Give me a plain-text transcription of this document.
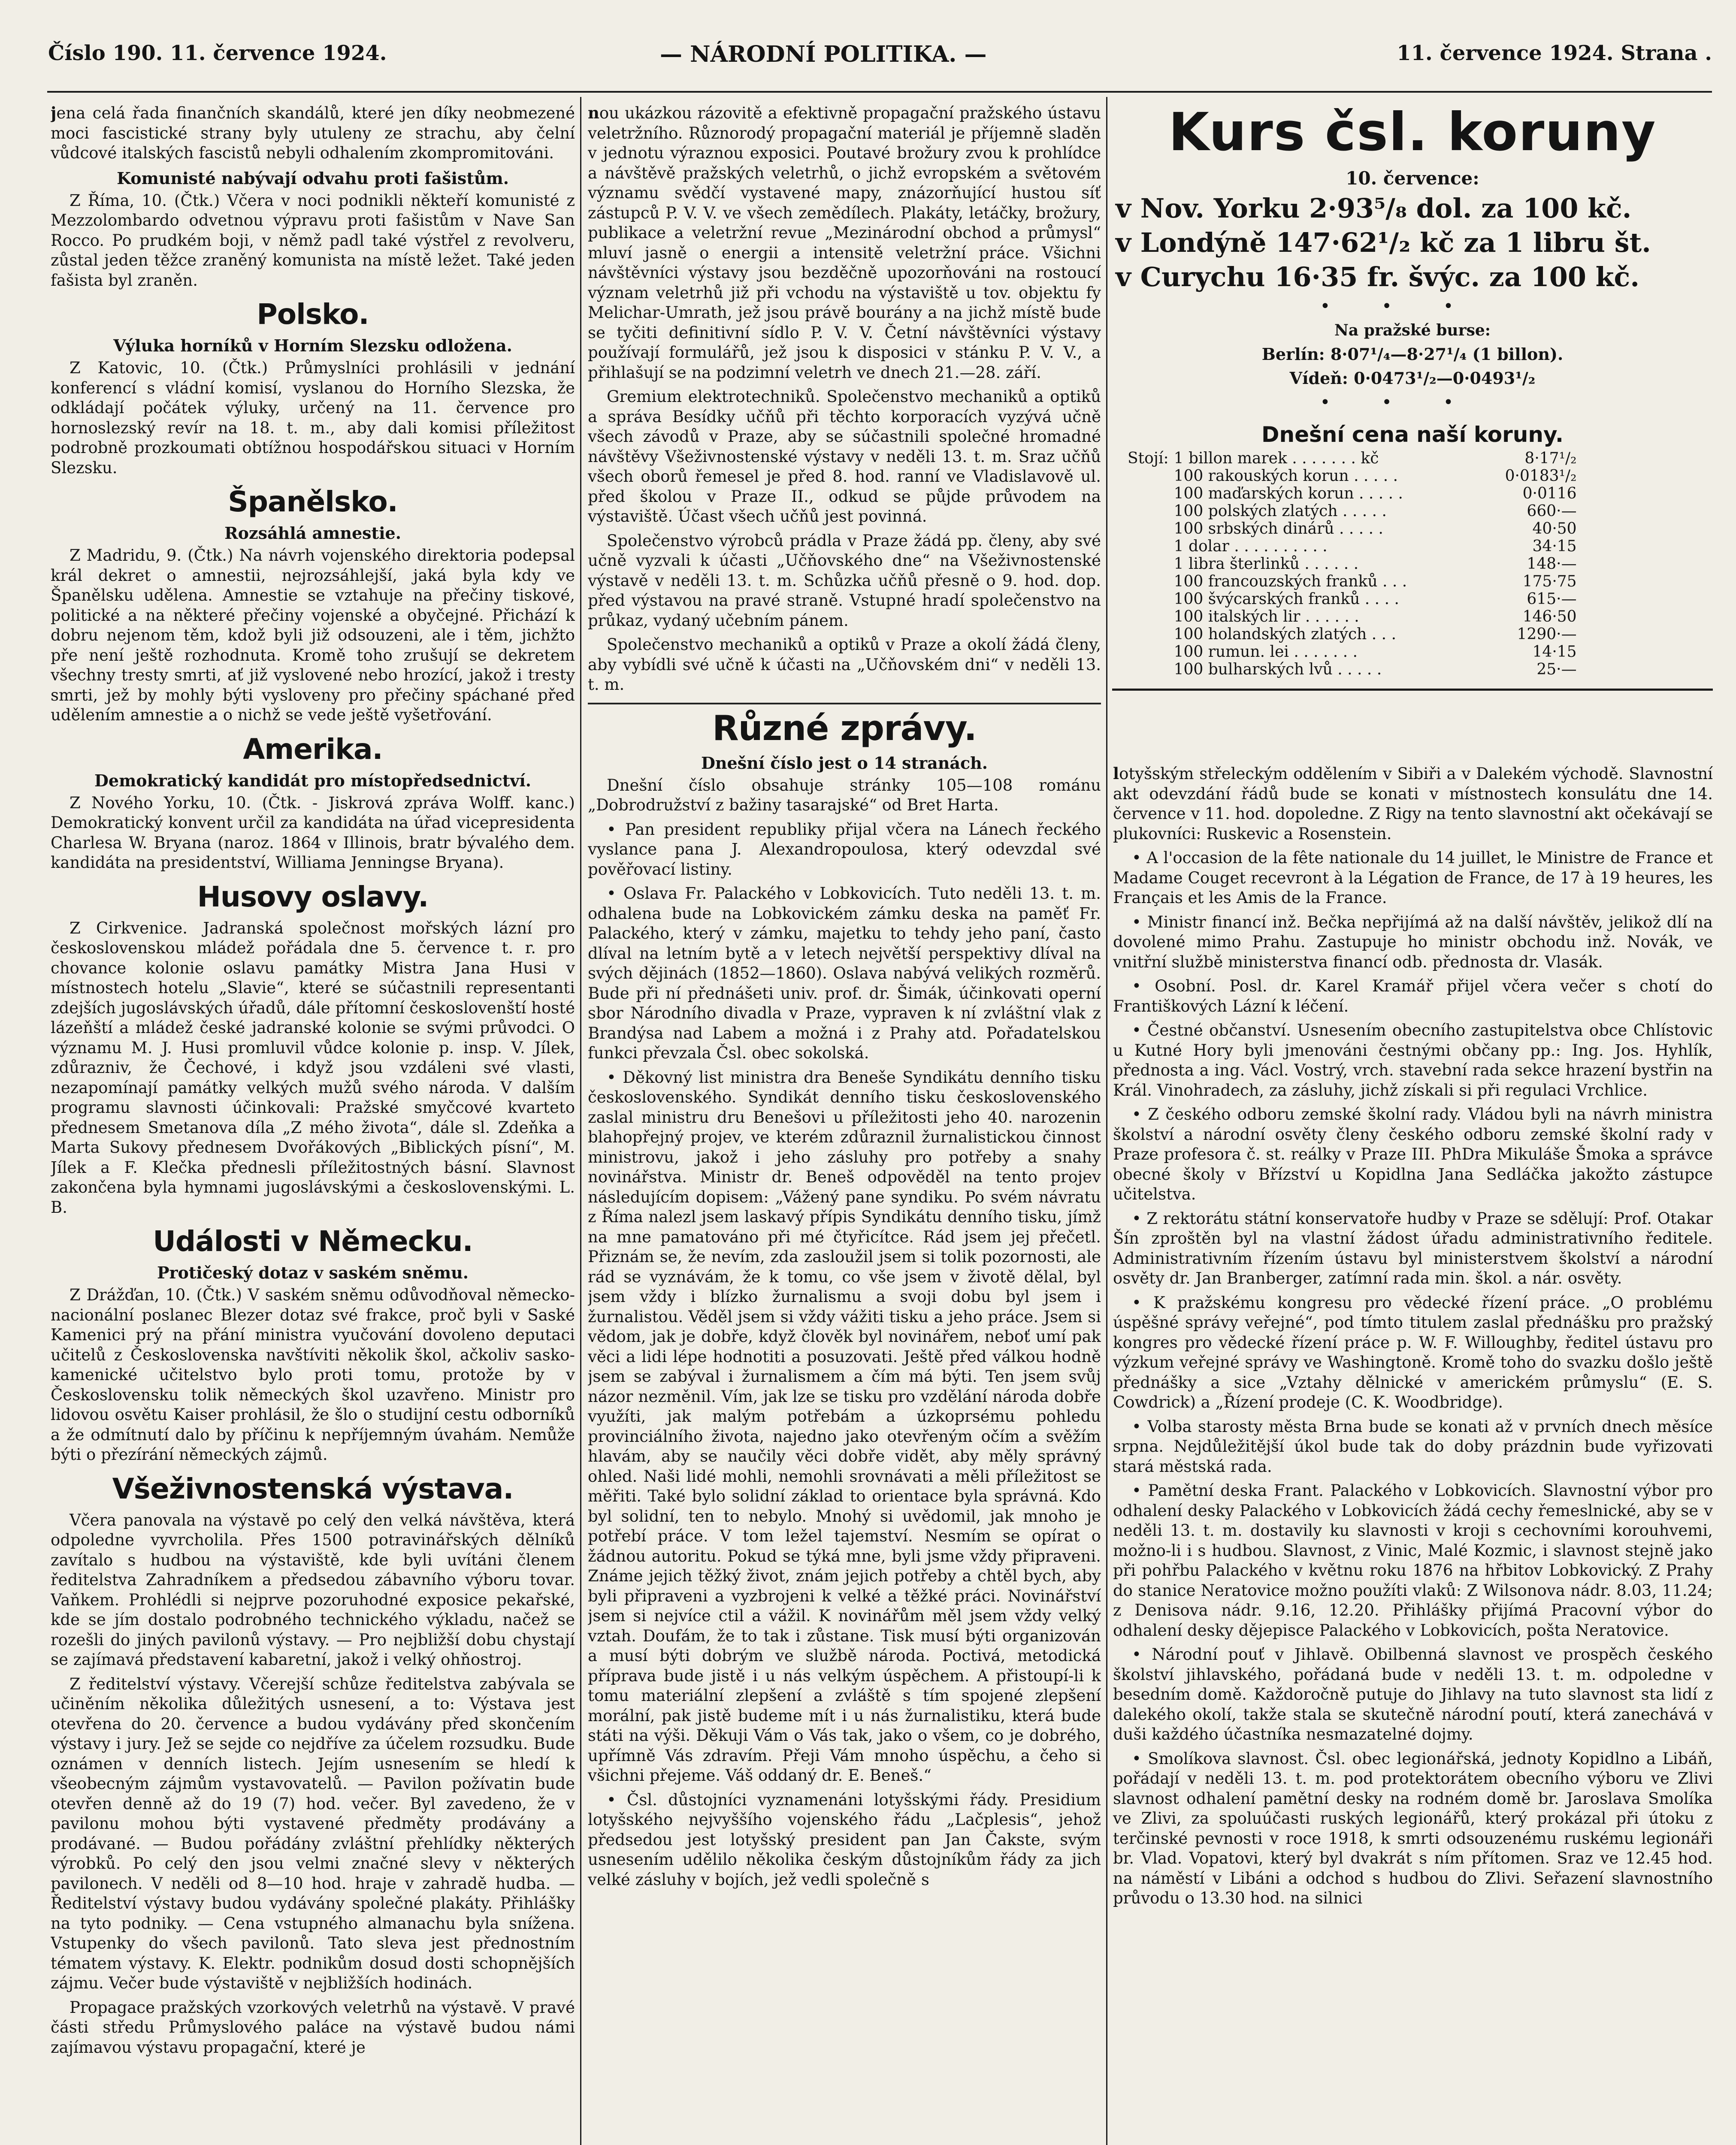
Číslo 190. 11. července 1924.	— NÁRODNÍ POLITIKA. —	11. července 1924. Strana .

jena celá řada finančních skandálů, které jen díky neobmezené moci fascistické strany byly utuleny ze strachu, aby čelní vůdcové italských fascistů nebyli odhalením zkompromitováni.

Komunisté nabývají odvahu proti fašistům.

Z Říma, 10. (Čtk.) Včera v noci podnikli někteří komunisté z Mezzolombardo odvetnou výpravu proti fašistům v Nave San Rocco. Po prudkém boji, v němž padl také výstřel z revolveru, zůstal jeden těžce zraněný komunista na místě ležet. Také jeden fašista byl zraněn.

Polsko.
Výluka horníků v Horním Slezsku odložena.

Z Katovic, 10. (Čtk.) Průmyslníci prohlásili v jednání konferencí s vládní komisí, vyslanou do Horního Slezska, že odkládají počátek výluky, určený na 11. července pro hornoslezský revír na 18. t. m., aby dali komisi příležitost podrobně prozkoumati obtížnou hospodářskou situaci v Horním Slezsku.

Španělsko.
Rozsáhlá amnestie.

Z Madridu, 9. (Čtk.) Na návrh vojenského direktoria podepsal král dekret o amnestii, nejrozsáhlejší, jaká byla kdy ve Španělsku udělena. Amnestie se vztahuje na přečiny tiskové, politické a na některé přečiny vojenské a obyčejné. Přichází k dobru nejenom těm, kdož byli již odsouzeni, ale i těm, jichžto pře není ještě rozhodnuta. Kromě toho zrušují se dekretem všechny tresty smrti, ať již vyslovené nebo hrozící, jakož i tresty smrti, jež by mohly býti vysloveny pro přečiny spáchané před udělením amnestie a o nichž se vede ještě vyšetřování.

Amerika.
Demokratický kandidát pro místopředsednictví.

Z Nového Yorku, 10. (Čtk. - Jiskrová zpráva Wolff. kanc.) Demokratický konvent určil za kandidáta na úřad vicepresidenta Charlesa W. Bryana (naroz. 1864 v Illinois, bratr bývalého dem. kandidáta na presidentství, Williama Jenningse Bryana).

Husovy oslavy.

Z Cirkvenice. Jadranská společnost mořských lázní pro československou mládež pořádala dne 5. července t. r. pro chovance kolonie oslavu památky Mistra Jana Husi v místnostech hotelu „Slavie“, které se súčastnili representanti zdejších jugoslávských úřadů, dále přítomní českoslovenští hosté lázeňští a mládež české jadranské kolonie se svými průvodci. O významu M. J. Husi promluvil vůdce kolonie p. insp. V. Jílek, zdůrazniv, že Čechové, i když jsou vzdáleni své vlasti, nezapomínají památky velkých mužů svého národa. V dalším programu slavnosti účinkovali: Pražské smyčcové kvarteto přednesem Smetanova díla „Z mého života“, dále sl. Zdeňka a Marta Sukovy přednesem Dvořákových „Biblických písní“, M. Jílek a F. Klečka přednesli příležitostných básní. Slavnost zakončena byla hymnami jugoslávskými a československými. L. B.

Události v Německu.
Protičeský dotaz v saském sněmu.

Z Drážďan, 10. (Čtk.) V saském sněmu odůvodňoval německo-nacionální poslanec Blezer dotaz své frakce, proč byli v Saské Kamenici prý na přání ministra vyučování dovoleno deputaci učitelů z Československa navštíviti několik škol, ačkoliv sasko-kamenické učitelstvo bylo proti tomu, protože by v Československu tolik německých škol uzavřeno. Ministr pro lidovou osvětu Kaiser prohlásil, že šlo o studijní cestu odborníků a že odmítnutí dalo by příčinu k nepříjemným úvahám. Nemůže býti o přezírání německých zájmů.

Všeživnostenská výstava.

Včera panovala na výstavě po celý den velká návštěva, která odpoledne vyvrcholila. Přes 1500 potravinářských dělníků zavítalo s hudbou na výstaviště, kde byli uvítáni členem ředitelstva Zahradníkem a předsedou zábavního výboru tovar. Vaňkem. Prohlédli si nejprve pozoruhodné exposice pekařské, kde se jím dostalo podrobného technického výkladu, načež se rozešli do jiných pavilonů výstavy. — Pro nejbližší dobu chystají se zajímavá představení kabaretní, jakož i velký ohňostroj.

Z ředitelství výstavy. Včerejší schůze ředitelstva zabývala se učiněním několika důležitých usnesení, a to: Výstava jest otevřena do 20. července a budou vydávány před skončením výstavy i jury. Jež se sejde co nejdříve za účelem rozsudku. Bude oznámen v denních listech. Jejím usnesením se hledí k všeobecným zájmům vystavovatelů. — Pavilon požívatin bude otevřen denně až do 19 (7) hod. večer. Byl zavedeno, že v pavilonu mohou býti vystavené předměty prodávány a prodávané. — Budou pořádány zvláštní přehlídky některých výrobků. Po celý den jsou velmi značné slevy v některých pavilonech. V neděli od 8—10 hod. hraje v zahradě hudba. — Ředitelství výstavy budou vydávány společné plakáty. Přihlášky na tyto podniky. — Cena vstupného almanachu byla snížena. Vstupenky do všech pavilonů. Tato sleva jest přednostním tématem výstavy. K. Elektr. podnikům dosud dosti schopnějších zájmu. Večer bude výstaviště v nejbližších hodinách.

Propagace pražských vzorkových veletrhů na výstavě. V pravé části středu Průmyslového paláce na výstavě budou námi zajímavou výstavu propagační, které je

nou ukázkou rázovitě a efektivně propagační pražského ústavu veletržního. Různorodý propagační materiál je příjemně sladěn v jednotu výraznou exposici. Poutavé brožury zvou k prohlídce a návštěvě pražských veletrhů, o jichž evropském a světovém významu svědčí vystavené mapy, znázorňující hustou síť zástupců P. V. V. ve všech zemědílech. Plakáty, letáčky, brožury, publikace a veletržní revue „Mezinárodní obchod a průmysl“ mluví jasně o energii a intensitě veletržní práce. Všichni návštěvníci výstavy jsou bezděčně upozorňováni na rostoucí význam veletrhů již při vchodu na výstaviště u tov. objektu fy Melichar-Umrath, jež jsou právě bourány a na jichž místě bude se tyčiti definitivní sídlo P. V. V. Četní návštěvníci výstavy používají formulářů, jež jsou k disposici v stánku P. V. V., a přihlašují se na podzimní veletrh ve dnech 21.—28. září.

Gremium elektrotechniků. Společenstvo mechaniků a optiků a správa Besídky učňů při těchto korporacích vyzývá učně všech závodů v Praze, aby se súčastnili společné hromadné návštěvy Všeživnostenské výstavy v neděli 13. t. m. Sraz učňů všech oborů řemesel je před 8. hod. ranní ve Vladislavově ul. před školou v Praze II., odkud se půjde průvodem na výstaviště. Účast všech učňů jest povinná.

Společenstvo výrobců prádla v Praze žádá pp. členy, aby své učně vyzvali k účasti „Učňovského dne“ na Všeživnostenské výstavě v neděli 13. t. m. Schůzka učňů přesně o 9. hod. dop. před výstavou na pravé straně. Vstupné hradí společenstvo na průkaz, vydaný učebním pánem.

Společenstvo mechaniků a optiků v Praze a okolí žádá členy, aby vybídli své učně k účasti na „Učňovském dni“ v neděli 13. t. m.

Různé zprávy.
Dnešní číslo jest o 14 stranách.

Dnešní číslo obsahuje stránky 105—108 románu „Dobrodružství z bažiny tasarajské“ od Bret Harta.

• Pan president republiky přijal včera na Lánech řeckého vyslance pana J. Alexandropoulosa, který odevzdal své pověřovací listiny.

• Oslava Fr. Palackého v Lobkovicích. Tuto neděli 13. t. m. odhalena bude na Lobkovickém zámku deska na paměť Fr. Palackého, který v zámku, majetku to tehdy jeho paní, často dlíval na letním bytě a v letech největší perspektivy dlíval na svých dějinách (1852—1860). Oslava nabývá velikých rozměrů. Bude při ní přednášeti univ. prof. dr. Šimák, účinkovati operní sbor Národního divadla v Praze, vypraven k ní zvláštní vlak z Brandýsa nad Labem a možná i z Prahy atd. Pořadatelskou funkci převzala Čsl. obec sokolská.

• Děkovný list ministra dra Beneše Syndikátu denního tisku československého. Syndikát denního tisku československého zaslal ministru dru Benešovi u příležitosti jeho 40. narozenin blahopřejný projev, ve kterém zdůraznil žurnalistickou činnost ministrovu, jakož i jeho zásluhy pro potřeby a snahy novinářstva. Ministr dr. Beneš odpověděl na tento projev následujícím dopisem: „Vážený pane syndiku. Po svém návratu z Říma nalezl jsem laskavý přípis Syndikátu denního tisku, jímž na mne pamatováno při mé čtyřicítce. Rád jsem jej přečetl. Přiznám se, že nevím, zda zasloužil jsem si tolik pozornosti, ale rád se vyznávám, že k tomu, co vše jsem v životě dělal, byl jsem vždy i blízko žurnalismu a svoji dobu byl jsem i žurnalistou. Věděl jsem si vždy vážiti tisku a jeho práce. Jsem si vědom, jak je dobře, když člověk byl novinářem, neboť umí pak věci a lidi lépe hodnotiti a posuzovati. Ještě před válkou hodně jsem se zabýval i žurnalismem a čím má býti. Ten jsem svůj názor nezměnil. Vím, jak lze se tisku pro vzdělání národa dobře využíti, jak malým potřebám a úzkoprsému pohledu provinciálního života, najedno jako otevřeným očím a svěžím hlavám, aby se naučily věci dobře vidět, aby měly správný ohled. Naši lidé mohli, nemohli srovnávati a měli příležitost se měřiti. Také bylo solidní základ to orientace byla správná. Kdo byl solidní, ten to nebylo. Mnohý si uvědomil, jak mnoho je potřebí práce. V tom ležel tajemství. Nesmím se opírat o žádnou autoritu. Pokud se týká mne, byli jsme vždy připraveni. Známe jejich těžký život, znám jejich potřeby a chtěl bych, aby byli připraveni a vyzbrojeni k velké a těžké práci. Novinářství jsem si nejvíce ctil a vážil. K novinářům měl jsem vždy velký vztah. Doufám, že to tak i zůstane. Tisk musí býti organizován a musí býti dobrým ve službě národa. Poctivá, metodická příprava bude jistě i u nás velkým úspěchem. A přistoupí-li k tomu materiální zlepšení a zvláště s tím spojené zlepšení morální, pak jistě budeme mít i u nás žurnalistiku, která bude státi na výši. Děkuji Vám o Vás tak, jako o všem, co je dobrého, upřímně Vás zdravím. Přeji Vám mnoho úspěchu, a čeho si všichni přejeme. Váš oddaný dr. E. Beneš.“

• Čsl. důstojníci vyznamenáni lotyšskými řády. Presidium lotyšského nejvyššího vojenského řádu „Lačplesis“, jehož předsedou jest lotyšský president pan Jan Čakste, svým usnesením udělilo několika českým důstojníkům řády za jich velké zásluhy v bojích, jež vedli společně s

Kurs čsl. koruny
10. července:
v Nov. Yorku 2·93⁵/₈ dol. za 100 kč.
v Londýně 147·62¹/₂ kč za 1 libru št.
v Curychu 16·35 fr. švýc. za 100 kč.
•••
Na pražské burse:
Berlín: 8·07¹/₄—8·27¹/₄ (1 billon).
Vídeň: 0·0473¹/₂—0·0493¹/₂
•••
Dnešní cena naší koruny.
Stojí:	1 billon marek . . . . . . . kč	8·17¹/₂
	100 rakouských korun . . . . .	0·0183¹/₂
	100 maďarských korun . . . . .	0·0116
	100 polských zlatých . . . . .	660·—
	100 srbských dinárů . . . . .	40·50
	1 dolar . . . . . . . . . .	34·15
	1 libra šterlinků . . . . . .	148·—
	100 francouzských franků . . .	175·75
	100 švýcarských franků . . . .	615·—
	100 italských lir . . . . . .	146·50
	100 holandských zlatých . . .	1290·—
	100 rumun. lei . . . . . . .	14·15
	100 bulharských lvů . . . . .	25·—

lotyšským střeleckým oddělením v Sibiři a v Dalekém východě. Slavnostní akt odevzdání řádů bude se konati v místnostech konsulátu dne 14. července v 11. hod. dopoledne. Z Rigy na tento slavnostní akt očekávají se plukovníci: Ruskevic a Rosenstein.

• A l'occasion de la fête nationale du 14 juillet, le Ministre de France et Madame Couget recevront à la Légation de France, de 17 à 19 heures, les Français et les Amis de la France.

• Ministr financí inž. Bečka nepřijímá až na další návštěv, jelikož dlí na dovolené mimo Prahu. Zastupuje ho ministr obchodu inž. Novák, ve vnitřní službě ministerstva financí odb. přednosta dr. Vlasák.

• Osobní. Posl. dr. Karel Kramář přijel včera večer s chotí do Františkových Lázní k léčení.

• Čestné občanství. Usnesením obecního zastupitelstva obce Chlístovic u Kutné Hory byli jmenováni čestnými občany pp.: Ing. Jos. Hyhlík, přednosta a ing. Václ. Vostrý, vrch. stavební rada sekce hrazení bystřin na Král. Vinohradech, za zásluhy, jichž získali si při regulaci Vrchlice.

• Z českého odboru zemské školní rady. Vládou byli na návrh ministra školství a národní osvěty členy českého odboru zemské školní rady v Praze profesora č. st. reálky v Praze III. PhDra Mikuláše Šmoka a správce obecné školy v Břízství u Kopidlna Jana Sedláčka jakožto zástupce učitelstva.

• Z rektorátu státní konservatoře hudby v Praze se sdělují: Prof. Otakar Šín zproštěn byl na vlastní žádost úřadu administrativního ředitele. Administrativním řízením ústavu byl ministerstvem školství a národní osvěty dr. Jan Branberger, zatímní rada min. škol. a nár. osvěty.

• K pražskému kongresu pro vědecké řízení práce. „O problému úspěšné správy veřejné“, pod tímto titulem zaslal přednášku pro pražský kongres pro vědecké řízení práce p. W. F. Willoughby, ředitel ústavu pro výzkum veřejné správy ve Washingtoně. Kromě toho do svazku došlo ještě přednášky a sice „Vztahy dělnické v americkém průmyslu“ (E. S. Cowdrick) a „Řízení prodeje (C. K. Woodbridge).

• Volba starosty města Brna bude se konati až v prvních dnech měsíce srpna. Nejdůležitější úkol bude tak do doby prázdnin bude vyřizovati stará městská rada.

• Pamětní deska Frant. Palackého v Lobkovicích. Slavnostní výbor pro odhalení desky Palackého v Lobkovicích žádá cechy řemeslnické, aby se v neděli 13. t. m. dostavily ku slavnosti v kroji s cechovními korouhvemi, možno-li i s hudbou. Slavnost, z Vinic, Malé Kozmic, i slavnost stejně jako při pohřbu Palackého v květnu roku 1876 na hřbitov Lobkovický. Z Prahy do stanice Neratovice možno použíti vlaků: Z Wilsonova nádr. 8.03, 11.24; z Denisova nádr. 9.16, 12.20. Přihlášky přijímá Pracovní výbor do odhalení desky dějepisce Palackého v Lobkovicích, pošta Neratovice.

• Národní pouť v Jihlavě. Obilbenná slavnost ve prospěch českého školství jihlavského, pořádaná bude v neděli 13. t. m. odpoledne v besedním domě. Každoročně putuje do Jihlavy na tuto slavnost sta lidí z dalekého okolí, takže stala se skutečně národní poutí, která zanechává v duši každého účastníka nesmazatelné dojmy.

• Smolíkova slavnost. Čsl. obec legionářská, jednoty Kopidlno a Libáň, pořádají v neděli 13. t. m. pod protektorátem obecního výboru ve Zlivi slavnost odhalení pamětní desky na rodném domě br. Jaroslava Smolíka ve Zlivi, za spoluúčasti ruských legionářů, který prokázal při útoku z terčinské pevnosti v roce 1918, k smrti odsouzenému ruskému legionáři br. Vlad. Vopatovi, který byl dvakrát s ním přítomen. Sraz ve 12.45 hod. na náměstí v Libáni a odchod s hudbou do Zlivi. Seřazení slavnostního průvodu o 13.30 hod. na silnici
